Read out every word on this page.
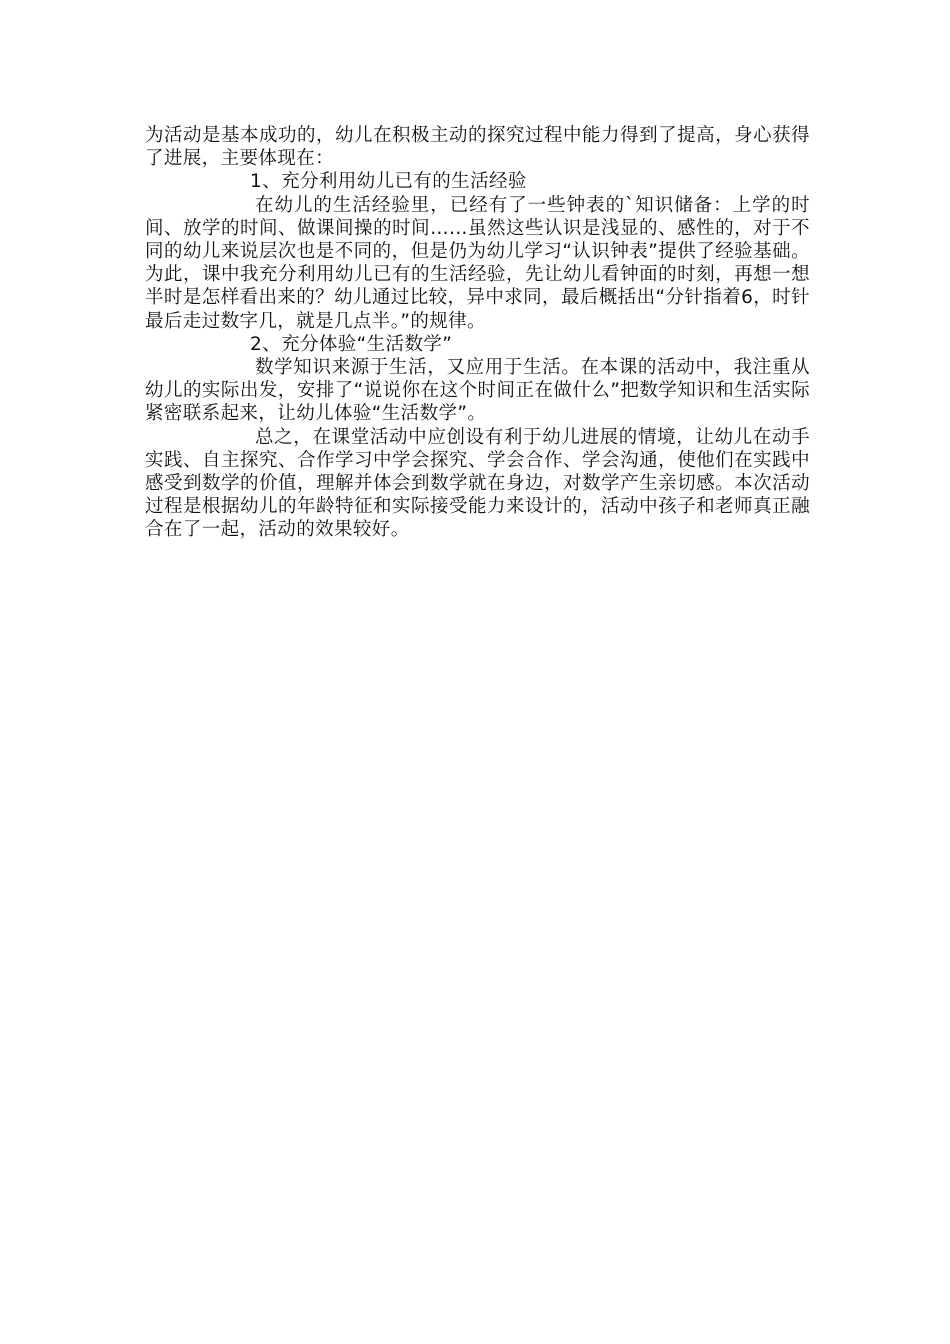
为活动是基本成功的，幼儿在积极主动的探究过程中能力得到了提高，身心获得了进展，主要体现在：

1、充分利用幼儿已有的生活经验

在幼儿的生活经验里，已经有了一些钟表的`知识储备：上学的时间、放学的时间、做课间操的时间……虽然这些认识是浅显的、感性的，对于不同的幼儿来说层次也是不同的，但是仍为幼儿学习“认识钟表”提供了经验基础。为此，课中我充分利用幼儿已有的生活经验，先让幼儿看钟面的时刻，再想一想半时是怎样看出来的？幼儿通过比较，异中求同，最后概括出“分针指着6，时针最后走过数字几，就是几点半。”的规律。

2、充分体验“生活数学”

数学知识来源于生活，又应用于生活。在本课的活动中，我注重从幼儿的实际出发，安排了“说说你在这个时间正在做什么”把数学知识和生活实际紧密联系起来，让幼儿体验“生活数学”。

总之，在课堂活动中应创设有利于幼儿进展的情境，让幼儿在动手实践、自主探究、合作学习中学会探究、学会合作、学会沟通，使他们在实践中感受到数学的价值，理解并体会到数学就在身边，对数学产生亲切感。本次活动过程是根据幼儿的年龄特征和实际接受能力来设计的，活动中孩子和老师真正融合在了一起，活动的效果较好。
